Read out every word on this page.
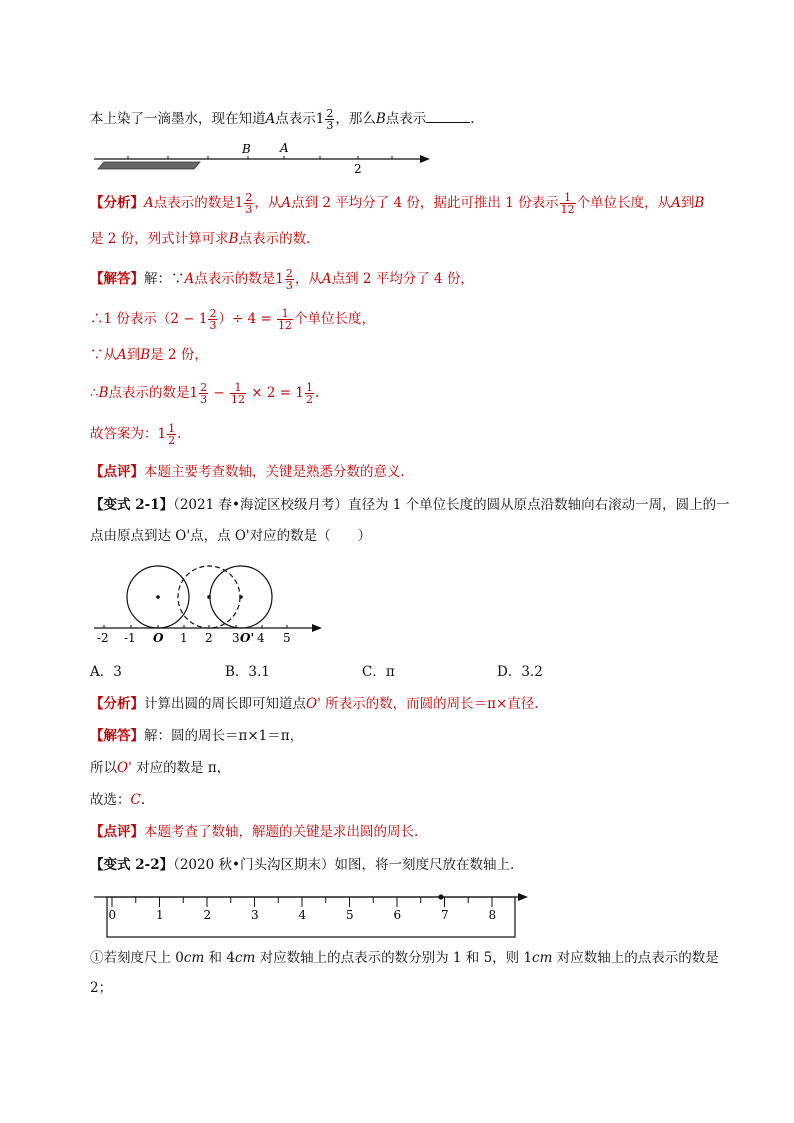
本上染了一滴墨水，现在知道A点表示$1 \frac{2}{3}$ ，那么B点表示	.
B A
2
【分析】A点表示的数是$1 \frac{2}{3}$ ，从A点到 2 平均分了 4 份，据此可推出 1 份表示 $\frac{1}{12}$ 个单位长度，从A到B
是 2 份，列式计算可求B点表示的数.
【解答】解：∵A点表示的数是$1 \frac{2}{3}$ ，从A点到 2 平均分了 4 份，
∴1 份表示（$2 - 1 \frac{2}{3}$ ）÷ $4 = \frac{1}{12}$ 个单位长度，
∵从A到B是 2 份，
∴B点表示的数是$1 \frac{2}{3} - \frac{1}{12} \times 2 = 1 \frac{1}{2}$ .
故答案为：$1 \frac{1}{2}$ .
【点评】本题主要考查数轴，关键是熟悉分数的意义.
【变式 2-1】（2021 春•海淀区校级月考）直径为 1 个单位长度的圆从原点沿数轴向右滚动一周，圆上的一
点由原点到达 O'点，点 O'对应的数是（　　）
-2 -1 O 1 2 3 O' 4 5
A．3	B．3.1	C．π	D．3.2
【分析】计算出圆的周长即可知道点O' 所表示的数，而圆的周长＝π×直径.
【解答】解：圆的周长＝π×1＝π，
所以O' 对应的数是 π，
故选：C.
【点评】本题考查了数轴，解题的关键是求出圆的周长.
【变式 2-2】（2020 秋•门头沟区期末）如图，将一刻度尺放在数轴上.
0	1	2	3	4	5	6	7	8
①若刻度尺上 0cm 和 4cm 对应数轴上的点表示的数分别为 1 和 5，则 1cm 对应数轴上的点表示的数是
2；
